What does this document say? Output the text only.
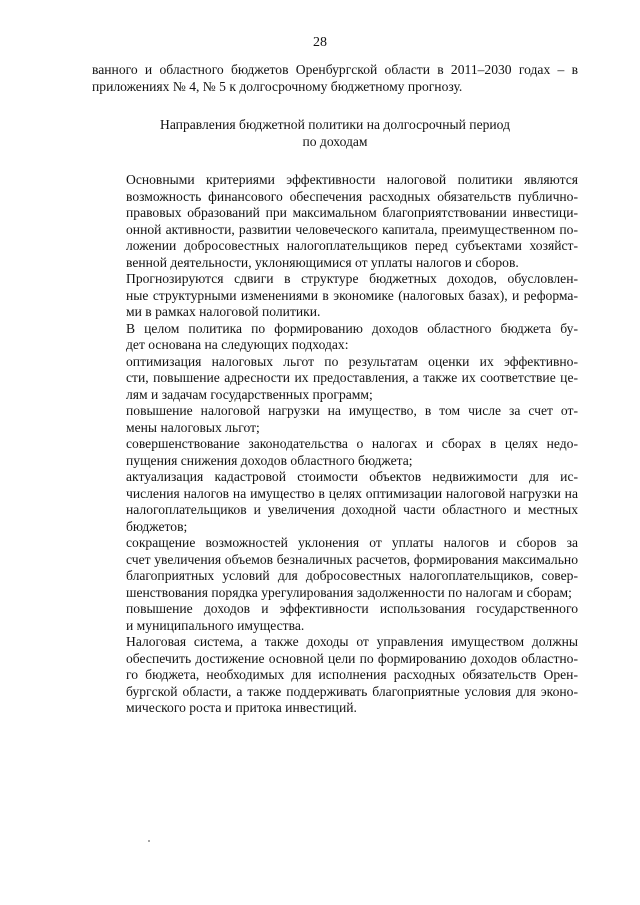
28

ванного и областного бюджетов Оренбургской области в 2011–2030 годах – в
приложениях № 4, № 5 к долгосрочному бюджетному прогнозу.

Направления бюджетной политики на долгосрочный период
по доходам

Основными критериями эффективности налоговой политики являются
возможность финансового обеспечения расходных обязательств публично-
правовых образований при максимальном благоприятствовании инвестици-
онной активности, развитии человеческого капитала, преимущественном по-
ложении добросовестных налогоплательщиков перед субъектами хозяйст-
венной деятельности, уклоняющимися от уплаты налогов и сборов.

Прогнозируются сдвиги в структуре бюджетных доходов, обусловлен-
ные структурными изменениями в экономике (налоговых базах), и реформа-
ми в рамках налоговой политики.

В целом политика по формированию доходов областного бюджета бу-
дет основана на следующих подходах:

оптимизация налоговых льгот по результатам оценки их эффективно-
сти, повышение адресности их предоставления, а также их соответствие це-
лям и задачам государственных программ;

повышение налоговой нагрузки на имущество, в том числе за счет от-
мены налоговых льгот;

совершенствование законодательства о налогах и сборах в целях недо-
пущения снижения доходов областного бюджета;

актуализация кадастровой стоимости объектов недвижимости для ис-
числения налогов на имущество в целях оптимизации налоговой нагрузки на
налогоплательщиков и увеличения доходной части областного и местных
бюджетов;

сокращение возможностей уклонения от уплаты налогов и сборов за
счет увеличения объемов безналичных расчетов, формирования максимально
благоприятных условий для добросовестных налогоплательщиков, совер-
шенствования порядка урегулирования задолженности по налогам и сборам;

повышение доходов и эффективности использования государственного
и муниципального имущества.

Налоговая система, а также доходы от управления имуществом должны
обеспечить достижение основной цели по формированию доходов областно-
го бюджета, необходимых для исполнения расходных обязательств Орен-
бургской области, а также поддерживать благоприятные условия для эконо-
мического роста и притока инвестиций.
